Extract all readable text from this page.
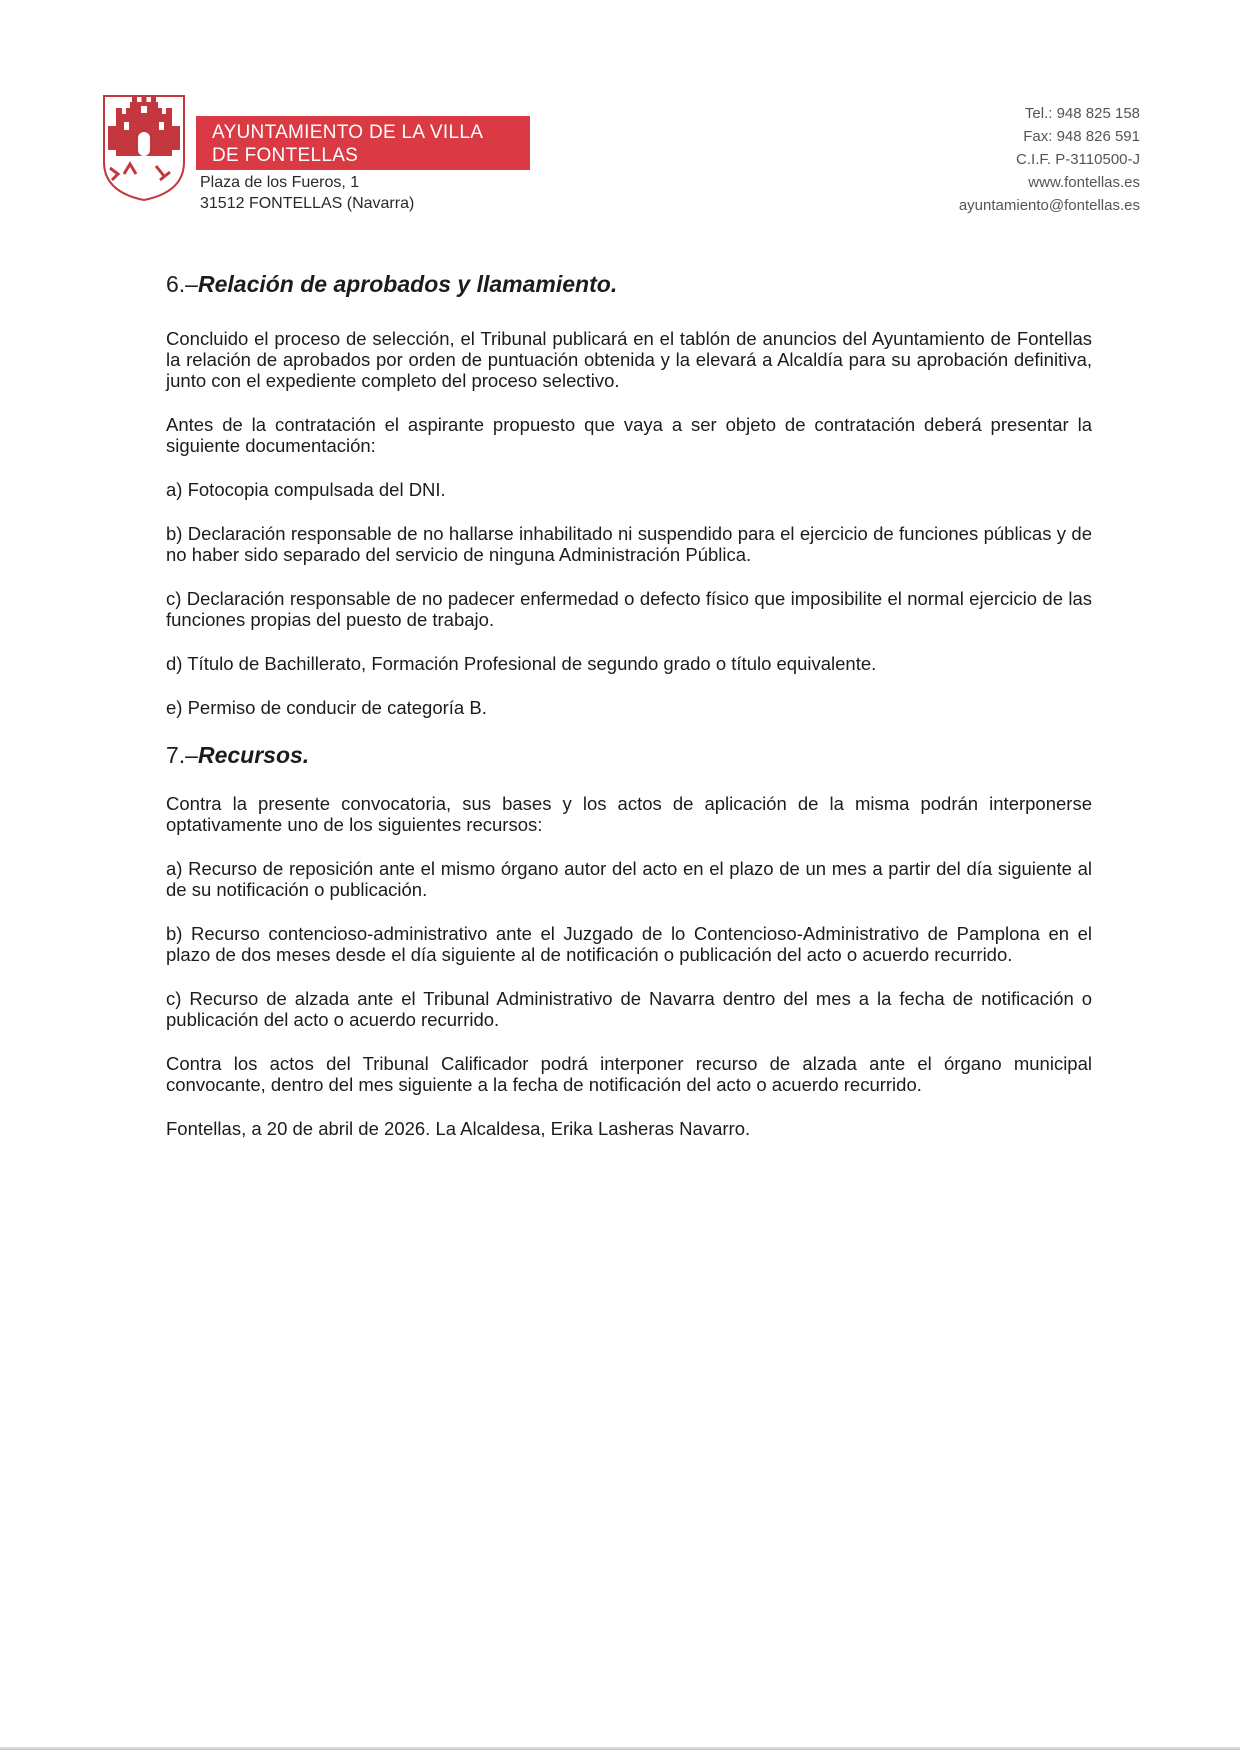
AYUNTAMIENTO DE LA VILLA
DE FONTELLAS
Plaza de los Fueros, 1
31512 FONTELLAS (Navarra)
Tel.: 948 825 158
Fax: 948 826 591
C.I.F. P-3110500-J
www.fontellas.es
ayuntamiento@fontellas.es
6.–Relación de aprobados y llamamiento.

Concluido el proceso de selección, el Tribunal publicará en el tablón de anuncios del Ayuntamiento de Fontellas la relación de aprobados por orden de puntuación obtenida y la elevará a Alcaldía para su aprobación definitiva, junto con el expediente completo del proceso selectivo.

Antes de la contratación el aspirante propuesto que vaya a ser objeto de contratación deberá presentar la siguiente documentación:

a) Fotocopia compulsada del DNI.

b) Declaración responsable de no hallarse inhabilitado ni suspendido para el ejercicio de funciones públicas y de no haber sido separado del servicio de ninguna Administración Pública.

c) Declaración responsable de no padecer enfermedad o defecto físico que imposibilite el normal ejercicio de las funciones propias del puesto de trabajo.

d) Título de Bachillerato, Formación Profesional de segundo grado o título equivalente.

e) Permiso de conducir de categoría B.

7.–Recursos.

Contra la presente convocatoria, sus bases y los actos de aplicación de la misma podrán interponerse optativamente uno de los siguientes recursos:

a) Recurso de reposición ante el mismo órgano autor del acto en el plazo de un mes a partir del día siguiente al de su notificación o publicación.

b) Recurso contencioso-administrativo ante el Juzgado de lo Contencioso-Administrativo de Pamplona en el plazo de dos meses desde el día siguiente al de notificación o publicación del acto o acuerdo recurrido.

c) Recurso de alzada ante el Tribunal Administrativo de Navarra dentro del mes a la fecha de notificación o publicación del acto o acuerdo recurrido.

Contra los actos del Tribunal Calificador podrá interponer recurso de alzada ante el órgano municipal convocante, dentro del mes siguiente a la fecha de notificación del acto o acuerdo recurrido.

Fontellas, a 20 de abril de 2026. La Alcaldesa, Erika Lasheras Navarro.
